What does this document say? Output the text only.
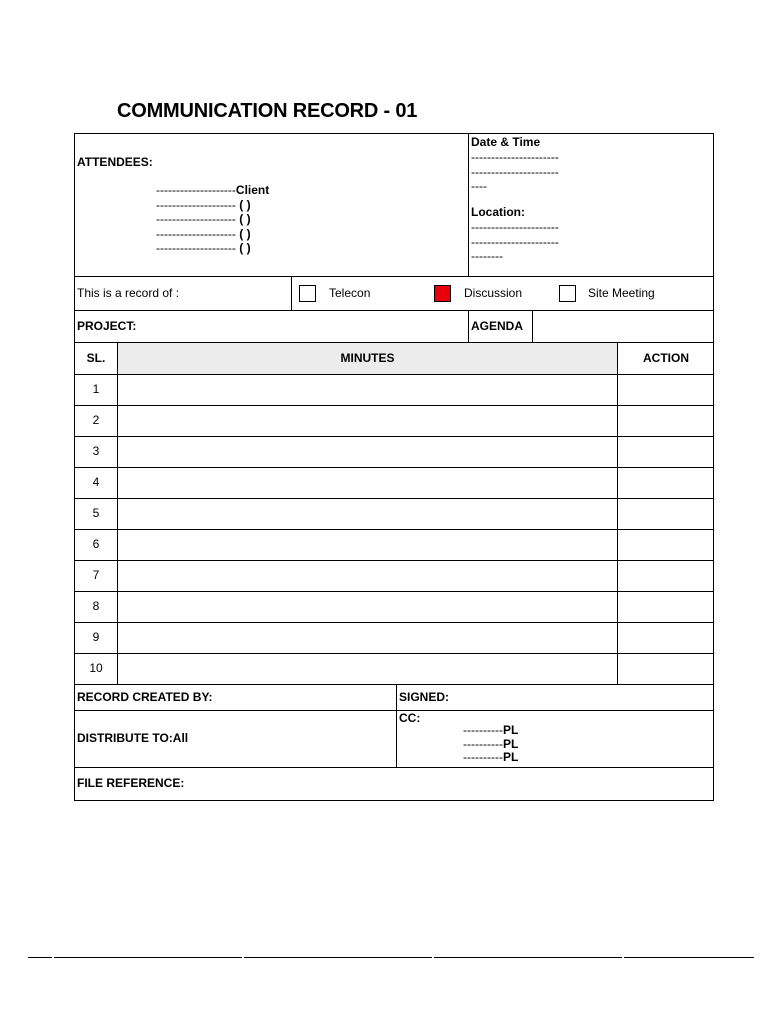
COMMUNICATION RECORD - 01
ATTENDEES:
--------------------Client
-------------------- ( )
-------------------- ( )
-------------------- ( )
-------------------- ( )
Date & Time
----------------------
----------------------
----
Location:
----------------------
----------------------
--------
This is a record of :	Telecon	Discussion	Site Meeting
PROJECT:	AGENDA
SL.	MINUTES	ACTION
1
2
3
4
5
6
7
8
9
10
RECORD CREATED BY:	SIGNED:
DISTRIBUTE TO:All
CC:
----------PL
----------PL
----------PL
FILE REFERENCE:
